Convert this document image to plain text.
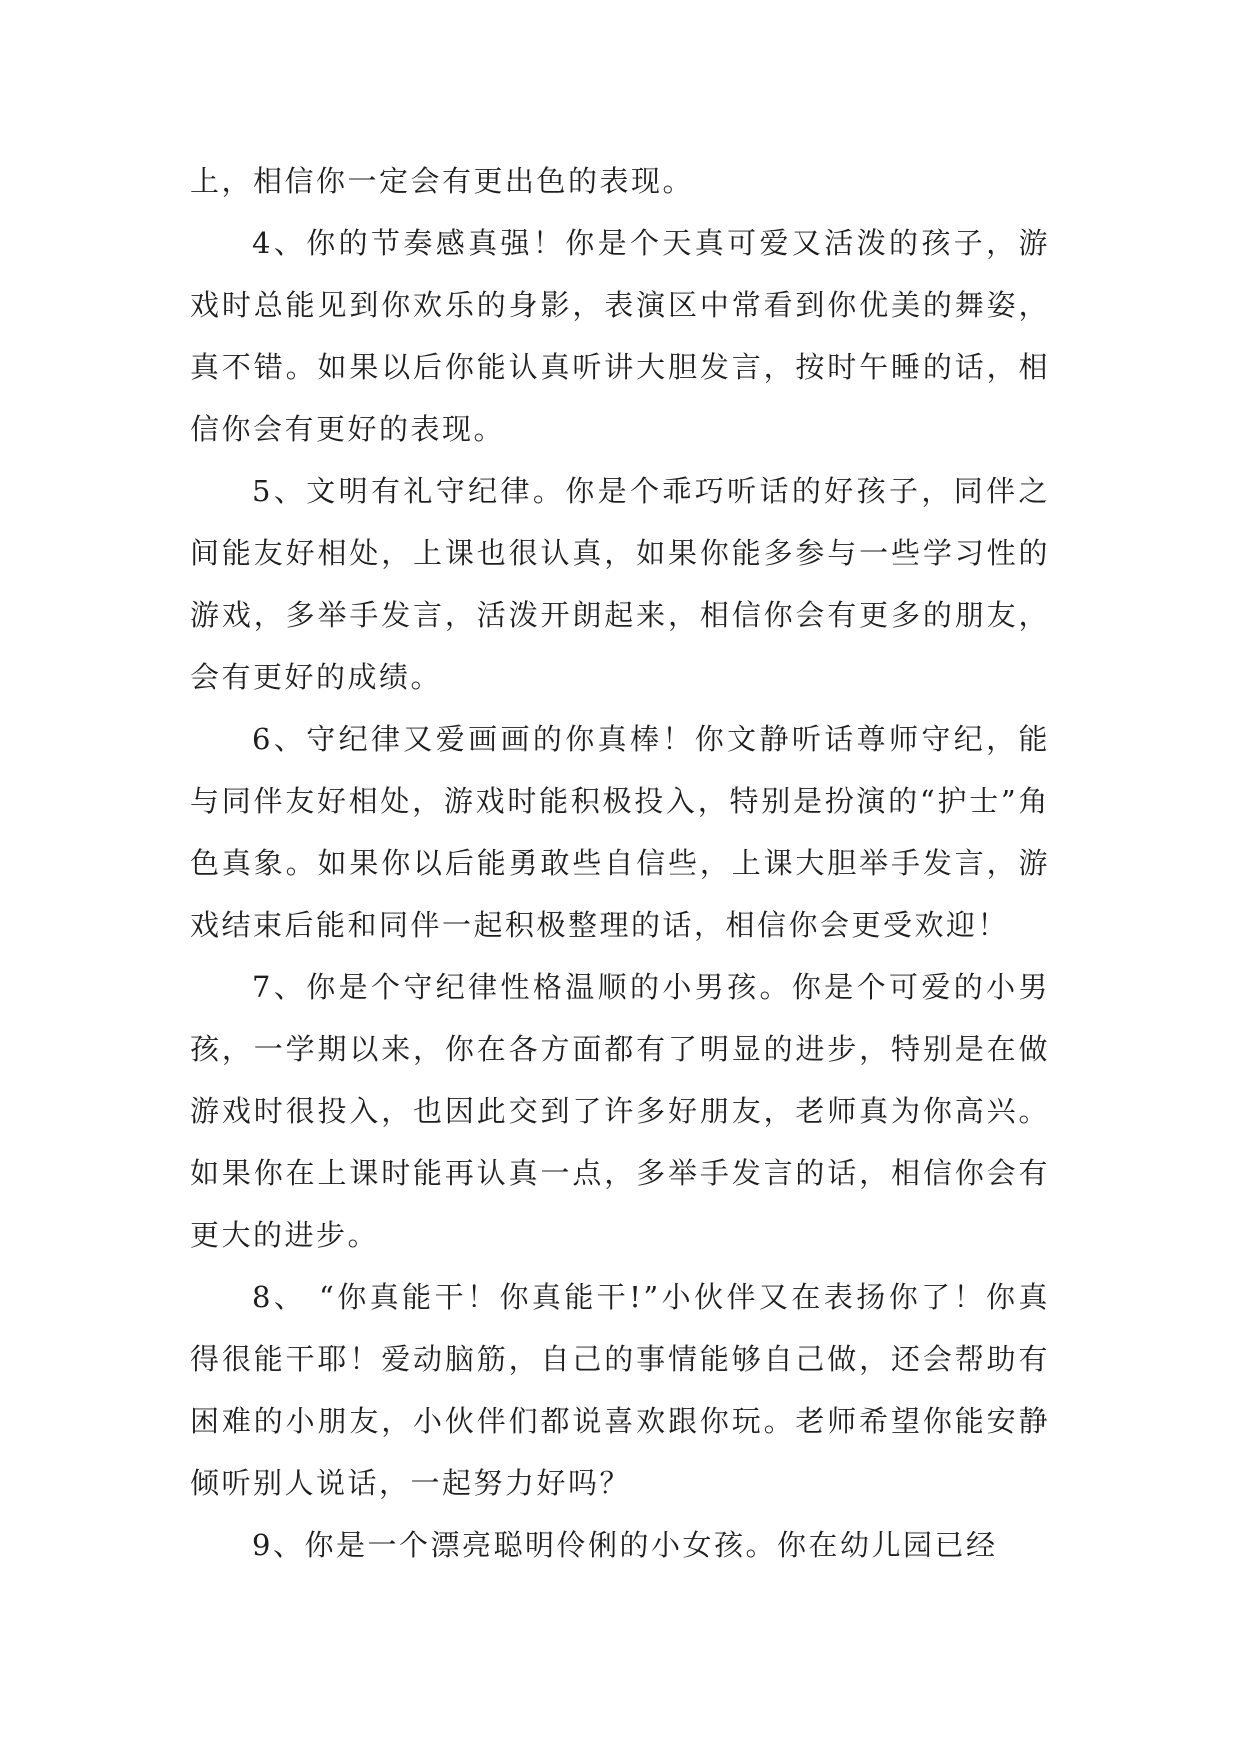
上，相信你一定会有更出色的表现。

4、你的节奏感真强！你是个天真可爱又活泼的孩子，游戏时总能见到你欢乐的身影，表演区中常看到你优美的舞姿，真不错。如果以后你能认真听讲大胆发言，按时午睡的话，相信你会有更好的表现。

5、文明有礼守纪律。你是个乖巧听话的好孩子，同伴之间能友好相处，上课也很认真，如果你能多参与一些学习性的游戏，多举手发言，活泼开朗起来，相信你会有更多的朋友，会有更好的成绩。

6、守纪律又爱画画的你真棒！你文静听话尊师守纪，能与同伴友好相处，游戏时能积极投入，特别是扮演的“护士”角色真象。如果你以后能勇敢些自信些，上课大胆举手发言，游戏结束后能和同伴一起积极整理的话，相信你会更受欢迎！

7、你是个守纪律性格温顺的小男孩。你是个可爱的小男孩，一学期以来，你在各方面都有了明显的进步，特别是在做游戏时很投入，也因此交到了许多好朋友，老师真为你高兴。如果你在上课时能再认真一点，多举手发言的话，相信你会有更大的进步。

8、 “你真能干！你真能干!”小伙伴又在表扬你了！你真得很能干耶！爱动脑筋，自己的事情能够自己做，还会帮助有困难的小朋友，小伙伴们都说喜欢跟你玩。老师希望你能安静倾听别人说话，一起努力好吗？

9、你是一个漂亮聪明伶俐的小女孩。你在幼儿园已经
